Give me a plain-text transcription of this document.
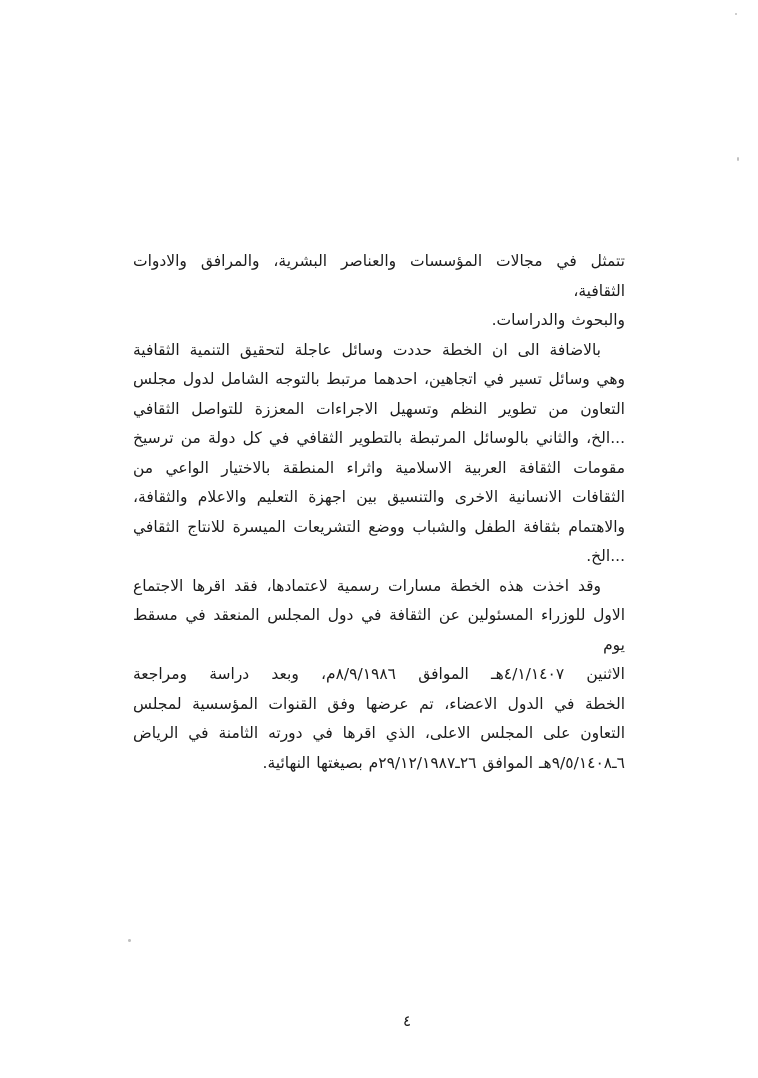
تتمثل في مجالات المؤسسات والعناصر البشرية، والمرافق والادوات الثقافية،
والبحوث والدراسات.
بالاضافة الى ان الخطة حددت وسائل عاجلة لتحقيق التنمية الثقافية
وهي وسائل تسير في اتجاهين، احدهما مرتبط بالتوجه الشامل لدول مجلس
التعاون من تطوير النظم وتسهيل الاجراءات المعززة للتواصل الثقافي
...الخ، والثاني بالوسائل المرتبطة بالتطوير الثقافي في كل دولة من ترسيخ
مقومات الثقافة العربية الاسلامية واثراء المنطقة بالاختيار الواعي من
الثقافات الانسانية الاخرى والتنسيق بين اجهزة التعليم والاعلام والثقافة،
والاهتمام بثقافة الطفل والشباب ووضع التشريعات الميسرة للانتاج الثقافي
...الخ.
وقد اخذت هذه الخطة مسارات رسمية لاعتمادها، فقد اقرها الاجتماع
الاول للوزراء المسئولين عن الثقافة في دول المجلس المنعقد في مسقط يوم
الاثنين ٤/١/١٤٠٧هـ الموافق ٨/٩/١٩٨٦م، وبعد دراسة ومراجعة
الخطة في الدول الاعضاء، تم عرضها وفق القنوات المؤسسية لمجلس
التعاون على المجلس الاعلى، الذي اقرها في دورته الثامنة في الرياض
٦ـ٩/٥/١٤٠٨هـ الموافق ٢٦ـ٢٩/١٢/١٩٨٧م بصيغتها النهائية.
٤
